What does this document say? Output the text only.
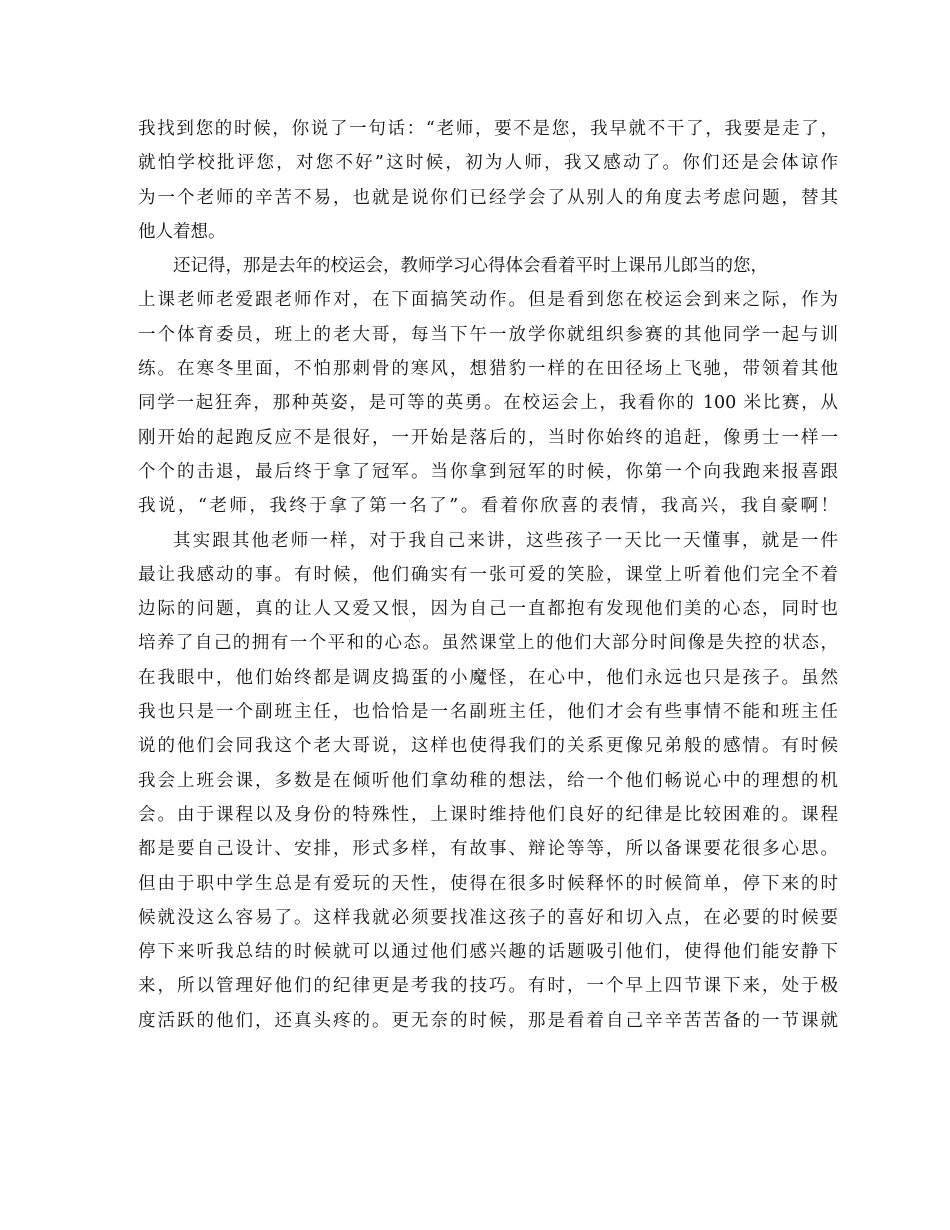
我找到您的时候，你说了一句话：“老师，要不是您，我早就不干了，我要是走了，
就怕学校批评您，对您不好”这时候，初为人师，我又感动了。你们还是会体谅作
为一个老师的辛苦不易，也就是说你们已经学会了从别人的角度去考虑问题，替其
他人着想。
还记得，那是去年的校运会，教师学习心得体会看着平时上课吊儿郎当的您，
上课老师老爱跟老师作对，在下面搞笑动作。但是看到您在校运会到来之际，作为
一个体育委员，班上的老大哥，每当下午一放学你就组织参赛的其他同学一起与训
练。在寒冬里面，不怕那刺骨的寒风，想猎豹一样的在田径场上飞驰，带领着其他
同学一起狂奔，那种英姿，是可等的英勇。在校运会上，我看你的 100 米比赛，从
刚开始的起跑反应不是很好，一开始是落后的，当时你始终的追赶，像勇士一样一
个个的击退，最后终于拿了冠军。当你拿到冠军的时候，你第一个向我跑来报喜跟
我说，“老师，我终于拿了第一名了”。看着你欣喜的表情，我高兴，我自豪啊！
其实跟其他老师一样，对于我自己来讲，这些孩子一天比一天懂事，就是一件
最让我感动的事。有时候，他们确实有一张可爱的笑脸，课堂上听着他们完全不着
边际的问题，真的让人又爱又恨，因为自己一直都抱有发现他们美的心态，同时也
培养了自己的拥有一个平和的心态。虽然课堂上的他们大部分时间像是失控的状态，
在我眼中，他们始终都是调皮捣蛋的小魔怪，在心中，他们永远也只是孩子。虽然
我也只是一个副班主任，也恰恰是一名副班主任，他们才会有些事情不能和班主任
说的他们会同我这个老大哥说，这样也使得我们的关系更像兄弟般的感情。有时候
我会上班会课，多数是在倾听他们拿幼稚的想法，给一个他们畅说心中的理想的机
会。由于课程以及身份的特殊性，上课时维持他们良好的纪律是比较困难的。课程
都是要自己设计、安排，形式多样，有故事、辩论等等，所以备课要花很多心思。
但由于职中学生总是有爱玩的天性，使得在很多时候释怀的时候简单，停下来的时
候就没这么容易了。这样我就必须要找准这孩子的喜好和切入点，在必要的时候要
停下来听我总结的时候就可以通过他们感兴趣的话题吸引他们，使得他们能安静下
来，所以管理好他们的纪律更是考我的技巧。有时，一个早上四节课下来，处于极
度活跃的他们，还真头疼的。更无奈的时候，那是看着自己辛辛苦苦备的一节课就
